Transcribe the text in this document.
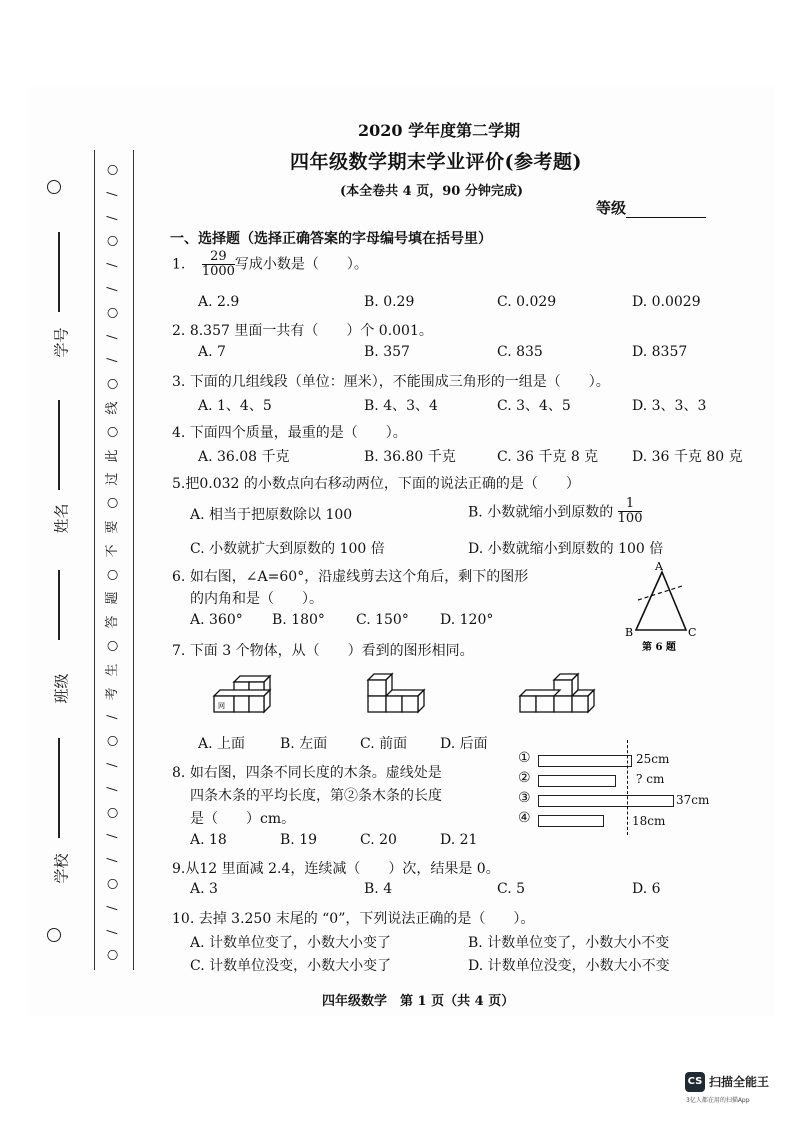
学号
姓名
班级
学校
○
/
/
○
/
/
○
/
/
○
线
○
此
过
○
要
不
○
题
答
○
生
考
/
○
/
/
○
/
/
○
/
/
○
2020 学年度第二学期
四年级数学期末学业评价(参考题)
(本全卷共 4 页，90 分钟完成)
等级
一、选择题（选择正确答案的字母编号填在括号里）
1. $\frac{29}{1000}$ 写成小数是（　　）。
A. 2.9	B. 0.29	C. 0.029	D. 0.0029
2. 8.357 里面一共有（　　）个 0.001。
A. 7	B. 357	C. 835	D. 8357
3. 下面的几组线段（单位：厘米），不能围成三角形的一组是（　　）。
A. 1、4、5	B. 4、3、4	C. 3、4、5	D. 3、3、3
4. 下面四个质量，最重的是（　　）。
A. 36.08 千克	B. 36.80 千克	C. 36 千克 8 克 D. 36 千克 80 克
5.把0.032 的小数点向右移动两位，下面的说法正确的是（　　）
A. 相当于把原数除以 100	B. 小数就缩小到原数的 $\frac{1}{100}$
C. 小数就扩大到原数的 100 倍	D. 小数就缩小到原数的 100 倍
6. 如右图，∠A=60°，沿虚线剪去这个角后，剩下的图形
的内角和是（　　）。
A. 360° B. 180° C. 150° D. 120°
A
B	C
第 6 题
7. 下面 3 个物体，从（　　）看到的图形相同。
网
A. 上面 B. 左面 C. 前面 D. 后面
8. 如右图，四条不同长度的木条。虚线处是
四条木条的平均长度，第②条木条的长度
是（　　）cm。
A. 18	B. 19	C. 20	D. 21
①	25cm
②	? cm
③	37cm
④	18cm
9.从12 里面减 2.4，连续减（　　）次，结果是 0。
A. 3	B. 4	C. 5	D. 6
10. 去掉 3.250 末尾的 “0”，下列说法正确的是（　　）。
A. 计数单位变了，小数大小变了	B. 计数单位变了，小数大小不变
C. 计数单位没变，小数大小变了	D. 计数单位没变，小数大小不变
四年级数学　第 1 页（共 4 页）
CS 扫描全能王
3亿人都在用的扫描App
